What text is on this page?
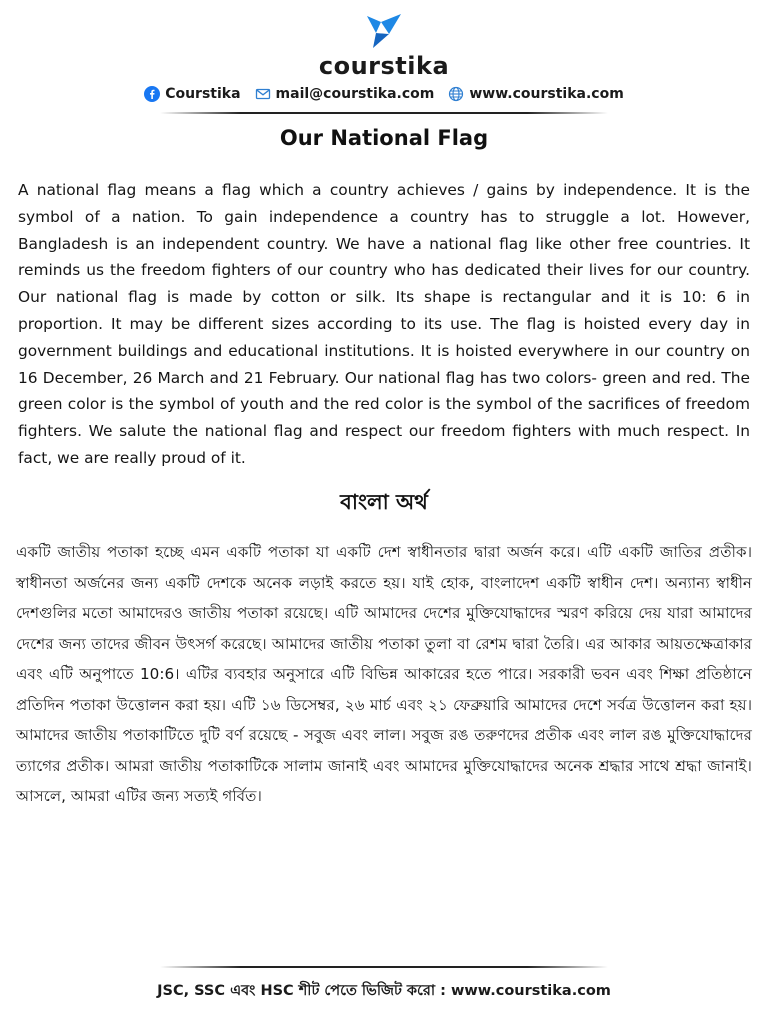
courstika
Courstika	mail@courstika.com	www.courstika.com
Our National Flag

A national flag means a flag which a country achieves / gains by independence. It is the symbol of a nation. To gain independence a country has to struggle a lot. However, Bangladesh is an independent country. We have a national flag like other free countries. It reminds us the freedom fighters of our country who has dedicated their lives for our country. Our national flag is made by cotton or silk. Its shape is rectangular and it is 10: 6 in proportion. It may be different sizes according to its use. The flag is hoisted every day in government buildings and educational institutions. It is hoisted everywhere in our country on 16 December, 26 March and 21 February. Our national flag has two colors- green and red. The green color is the symbol of youth and the red color is the symbol of the sacrifices of freedom fighters. We salute the national flag and respect our freedom fighters with much respect. In fact, we are really proud of it.

বাংলা অর্থ

একটি জাতীয় পতাকা হচ্ছে এমন একটি পতাকা যা একটি দেশ স্বাধীনতার দ্বারা অর্জন করে। এটি একটি জাতির প্রতীক। স্বাধীনতা অর্জনের জন্য একটি দেশকে অনেক লড়াই করতে হয়। যাই হোক, বাংলাদেশ একটি স্বাধীন দেশ। অন্যান্য স্বাধীন দেশগুলির মতো আমাদেরও জাতীয় পতাকা রয়েছে। এটি আমাদের দেশের মুক্তিযোদ্ধাদের স্মরণ করিয়ে দেয় যারা আমাদের দেশের জন্য তাদের জীবন উৎসর্গ করেছে। আমাদের জাতীয় পতাকা তুলা বা রেশম দ্বারা তৈরি। এর আকার আয়তক্ষেত্রাকার এবং এটি অনুপাতে 10:6। এটির ব্যবহার অনুসারে এটি বিভিন্ন আকারের হতে পারে। সরকারী ভবন এবং শিক্ষা প্রতিষ্ঠানে প্রতিদিন পতাকা উত্তোলন করা হয়। এটি ১৬ ডিসেম্বর, ২৬ মার্চ এবং ২১ ফেব্রুয়ারি আমাদের দেশে সর্বত্র উত্তোলন করা হয়। আমাদের জাতীয় পতাকাটিতে দুটি বর্ণ রয়েছে - সবুজ এবং লাল। সবুজ রঙ তরুণদের প্রতীক এবং লাল রঙ মুক্তিযোদ্ধাদের ত্যাগের প্রতীক। আমরা জাতীয় পতাকাটিকে সালাম জানাই এবং আমাদের মুক্তিযোদ্ধাদের অনেক শ্রদ্ধার সাথে শ্রদ্ধা জানাই। আসলে, আমরা এটির জন্য সত্যই গর্বিত।

JSC, SSC এবং HSC শীট পেতে ভিজিট করো : www.courstika.com
